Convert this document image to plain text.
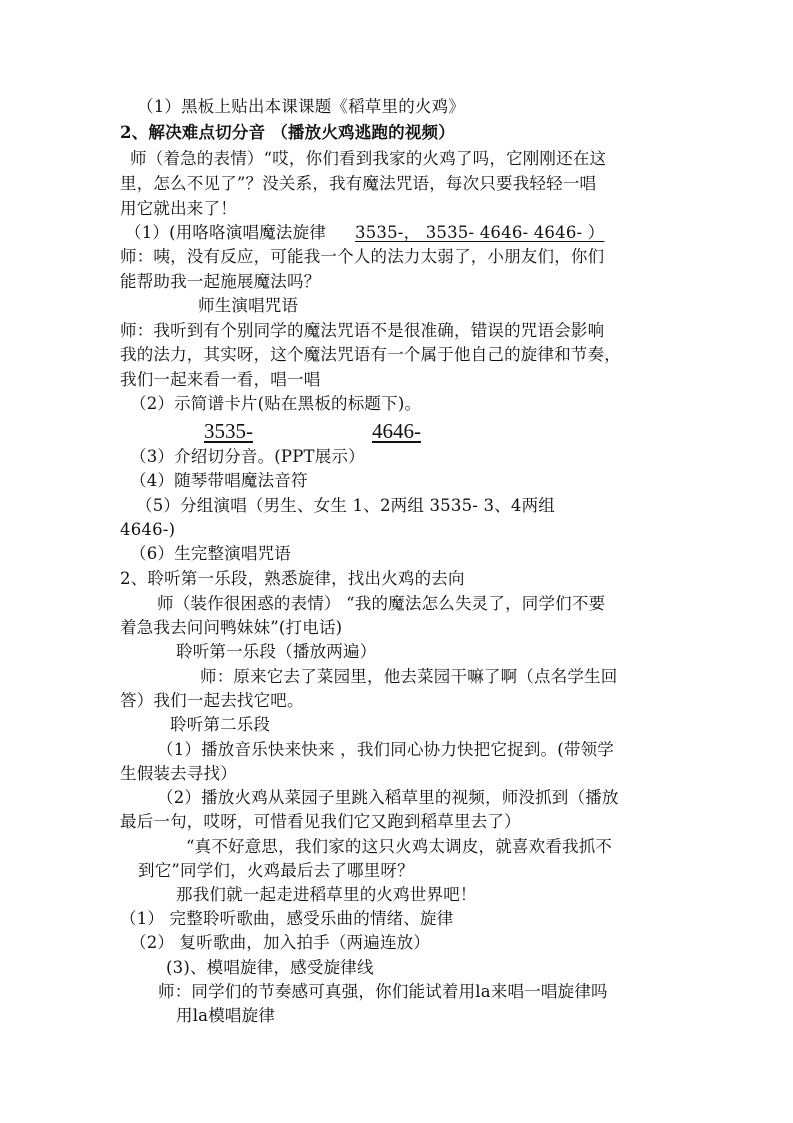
（1）黑板上贴出本课课题《稻草里的火鸡》
2、解决难点切分音 （播放火鸡逃跑的视频）
师（着急的表情）“哎，你们看到我家的火鸡了吗，它刚刚还在这
里，怎么不见了”？没关系，我有魔法咒语，每次只要我轻轻一唱
用它就出来了！
（1）(用咯咯演唱魔法旋律 3535-， 3535- 4646- 4646- ）
师：咦，没有反应，可能我一个人的法力太弱了，小朋友们，你们
能帮助我一起施展魔法吗？
师生演唱咒语
师：我听到有个别同学的魔法咒语不是很准确，错误的咒语会影响
我的法力，其实呀，这个魔法咒语有一个属于他自己的旋律和节奏，
我们一起来看一看，唱一唱
（2）示简谱卡片(贴在黑板的标题下)。
3535-	4646-
（3）介绍切分音。(PPT展示）
（4）随琴带唱魔法音符
（5）分组演唱（男生、女生 1、2两组 3535- 3、4两组
4646-)
（6）生完整演唱咒语
2、聆听第一乐段，熟悉旋律，找出火鸡的去向
师（装作很困惑的表情） “我的魔法怎么失灵了，同学们不要
着急我去问问鸭妹妹”(打电话)
聆听第一乐段（播放两遍）
师：原来它去了菜园里，他去菜园干嘛了啊（点名学生回
答）我们一起去找它吧。
聆听第二乐段
（1）播放音乐快来快来 ，我们同心协力快把它捉到。(带领学
生假装去寻找）
（2）播放火鸡从菜园子里跳入稻草里的视频，师没抓到（播放
最后一句，哎呀，可惜看见我们它又跑到稻草里去了）
“真不好意思，我们家的这只火鸡太调皮，就喜欢看我抓不
到它”同学们，火鸡最后去了哪里呀？
那我们就一起走进稻草里的火鸡世界吧！
（1） 完整聆听歌曲，感受乐曲的情绪、旋律
（2） 复听歌曲，加入拍手（两遍连放）
(3)、模唱旋律，感受旋律线
师：同学们的节奏感可真强，你们能试着用la来唱一唱旋律吗
用la模唱旋律
